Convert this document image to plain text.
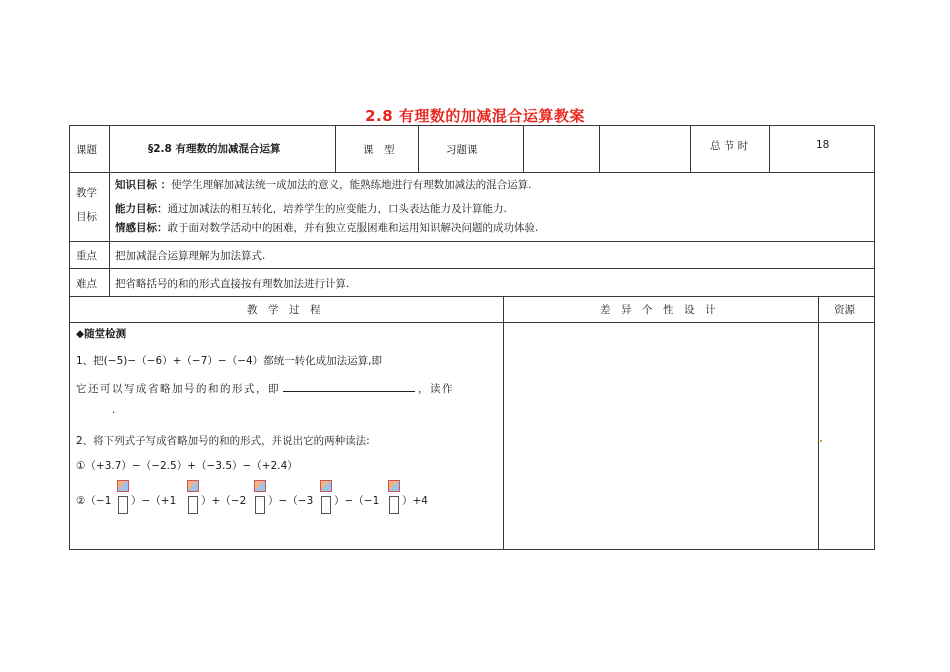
2.8 有理数的加减混合运算教案
课题	§2.8 有理数的加减混合运算	课　型	习题课	总 节 时	18
教学
目标
知识目标 ：使学生理解加减法统一成加法的意义，能熟练地进行有理数加减法的混合运算.
能力目标：通过加减法的相互转化，培养学生的应变能力，口头表达能力及计算能力.
情感目标：敢于面对数学活动中的困难，并有独立克服困难和运用知识解决问题的成功体验.
重点 把加减混合运算理解为加法算式.
难点 把省略括号的和的形式直接按有理数加法进行计算.
教　学　过　程	差　异　个　性　设　计	资源
◆随堂检测
1、把(−5)−（−6）+（−7）−（−4）都统一转化成加法运算,即
它还可以写成省略加号的和的形式，即	，读作
.
2、将下列式子写成省略加号的和的形式，并说出它的两种读法:
①（+3.7）−（−2.5）+（−3.5）−（+2.4）
②（−1 ）−（+1 ）+（−2 ）−（−3 ）−（−1 ）+4
